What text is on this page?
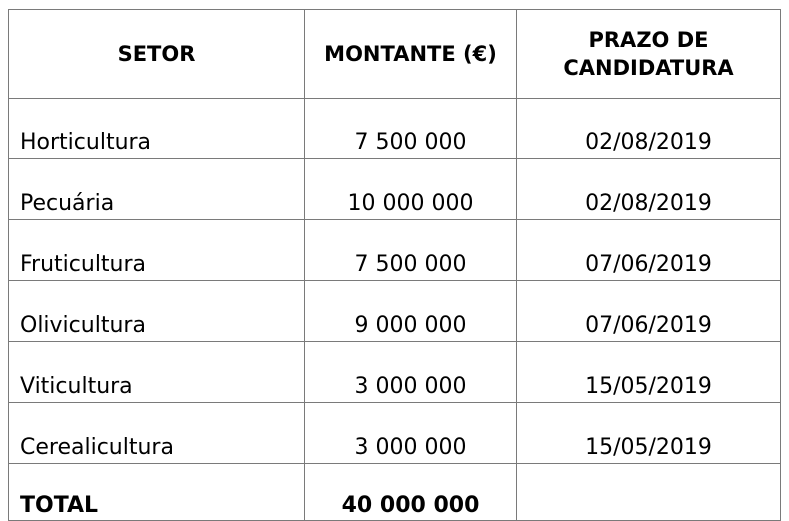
SETOR	MONTANTE (€)	PRAZO DE
CANDIDATURA

Horticultura	7 500 000	02/08/2019
Pecuária	10 000 000	02/08/2019
Fruticultura	7 500 000	07/06/2019
Olivicultura	9 000 000	07/06/2019
Viticultura	3 000 000	15/05/2019
Cerealicultura	3 000 000	15/05/2019
TOTAL	40 000 000	
